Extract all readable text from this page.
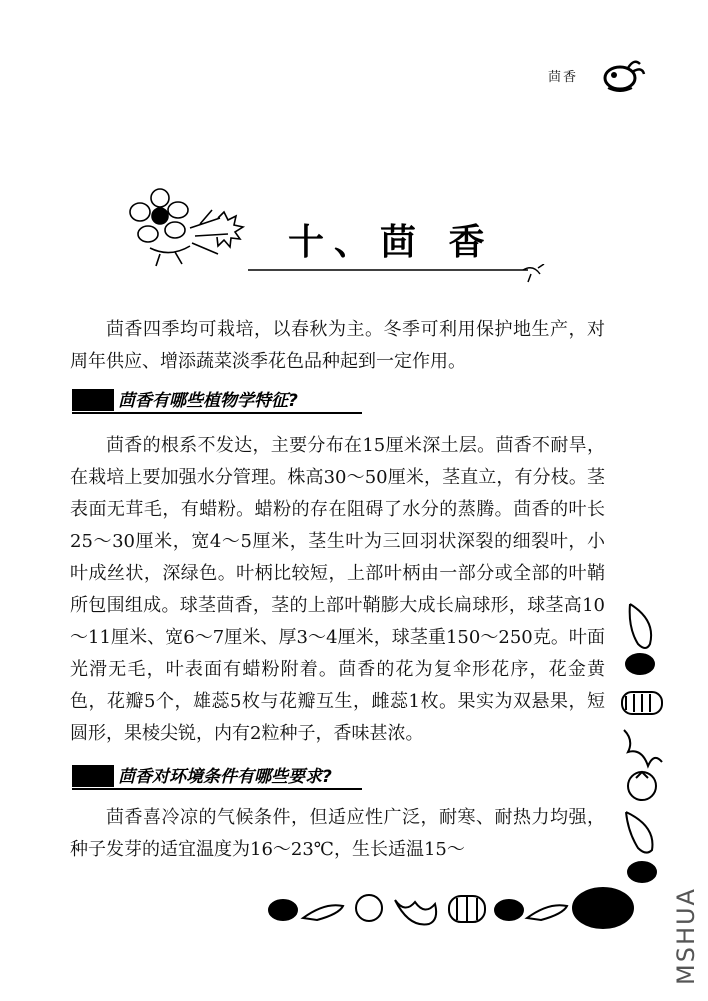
茴香
十、茴 香

茴香四季均可栽培，以春秋为主。冬季可利用保护地生产，对周年供应、增添蔬菜淡季花色品种起到一定作用。

茴香有哪些植物学特征?

茴香的根系不发达，主要分布在15厘米深土层。茴香不耐旱，在栽培上要加强水分管理。株高30～50厘米，茎直立，有分枝。茎表面无茸毛，有蜡粉。蜡粉的存在阻碍了水分的蒸腾。茴香的叶长25～30厘米，宽4～5厘米，茎生叶为三回羽状深裂的细裂叶，小叶成丝状，深绿色。叶柄比较短，上部叶柄由一部分或全部的叶鞘所包围组成。球茎茴香，茎的上部叶鞘膨大成长扁球形，球茎高10～11厘米、宽6～7厘米、厚3～4厘米，球茎重150～250克。叶面光滑无毛，叶表面有蜡粉附着。茴香的花为复伞形花序，花金黄色，花瓣5个，雄蕊5枚与花瓣互生，雌蕊1枚。果实为双悬果，短圆形，果棱尖锐，内有2粒种子，香味甚浓。

茴香对环境条件有哪些要求?

茴香喜冷凉的气候条件，但适应性广泛，耐寒、耐热力均强，种子发芽的适宜温度为16～23℃，生长适温15～

MSHUA
